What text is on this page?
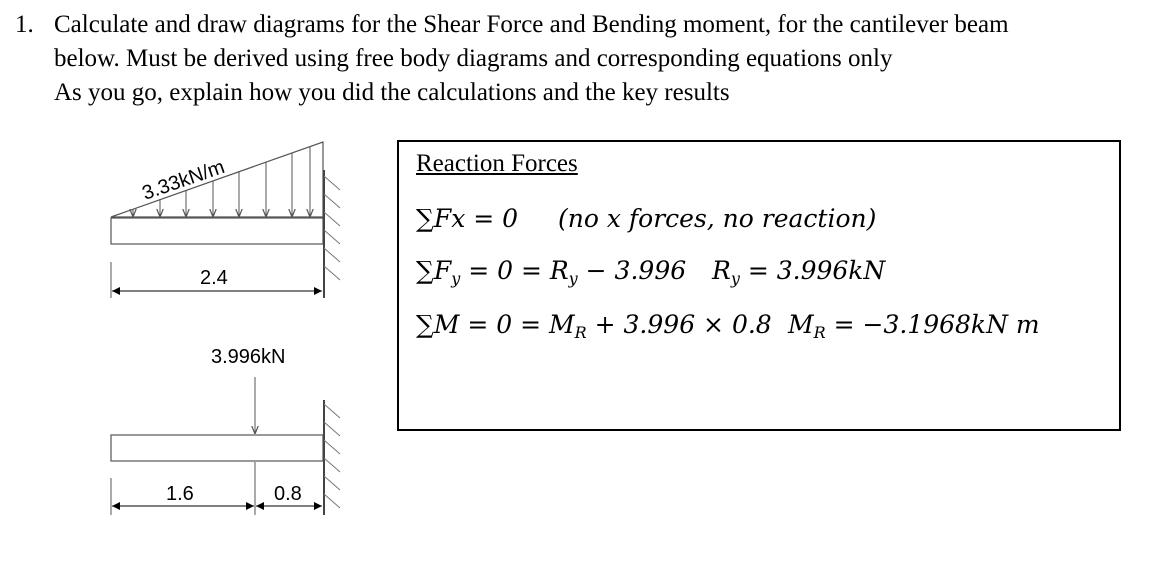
1. Calculate and draw diagrams for the Shear Force and Bending moment, for the cantilever beam
below. Must be derived using free body diagrams and corresponding equations only
As you go, explain how you did the calculations and the key results
3.33kN/m
2.4
3.996kN
1.6	0.8
Reaction Forces
∑Fx = 0 (no x forces, no reaction)
$\sum F_y = 0 = R_y - 3.996$ $R_y = 3.996kN$
$\sum M = 0 = M_R + 3.996 \times 0.8$ $M_R = -3.1968kN$ m
